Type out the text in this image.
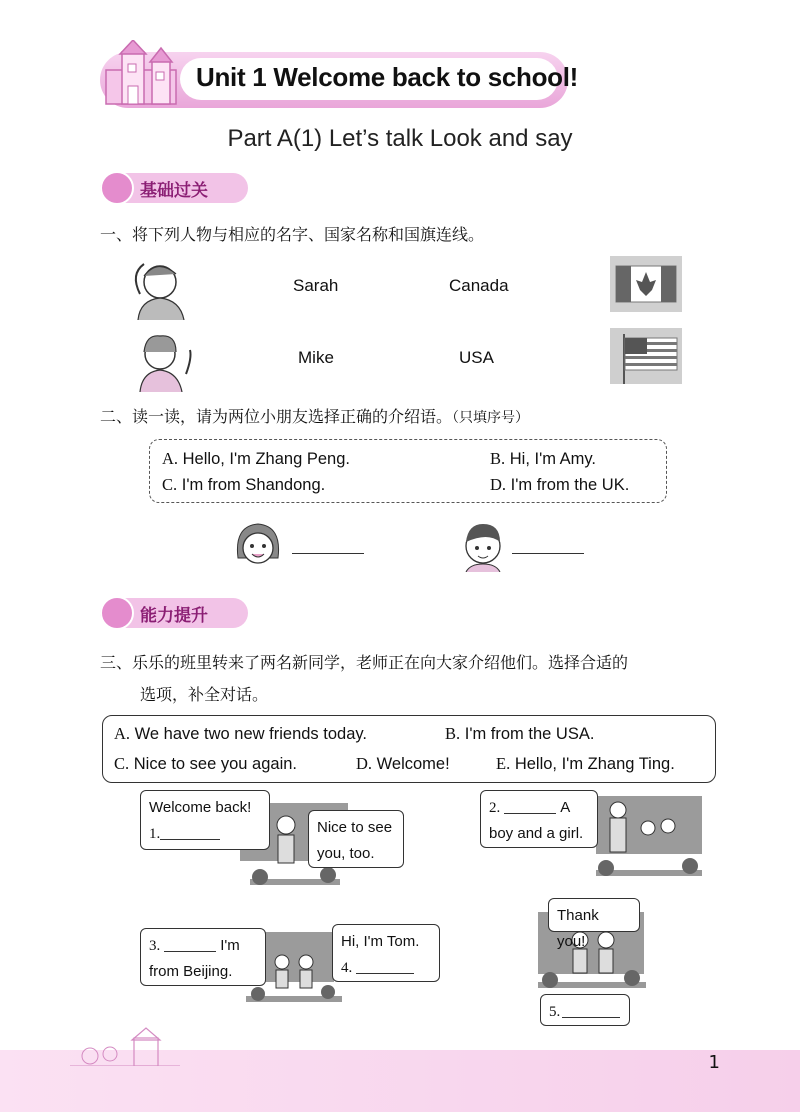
Unit 1 Welcome back to school!
Part A(1) Let’s talk Look and say
基础过关
一、将下列人物与相应的名字、国家名称和国旗连线。
Sarah	Canada
Mike	USA
二、读一读，请为两位小朋友选择正确的介绍语。（只填序号）
A. Hello, I'm Zhang Peng.	B. Hi, I'm Amy.
C. I'm from Shandong.	D. I'm from the UK.
能力提升
三、乐乐的班里转来了两名新同学，老师正在向大家介绍他们。选择合适的
选项，补全对话。
A. We have two new friends today.	B. I'm from the USA.
C. Nice to see you again.	D. Welcome!	E. Hello, I'm Zhang Ting.
Welcome back!
1.	Nice to see
you, too.
2.	A
boy and a girl.
3.	I'm
from Beijing.
Hi, I'm Tom.
4.
Thank you!
5.
1
